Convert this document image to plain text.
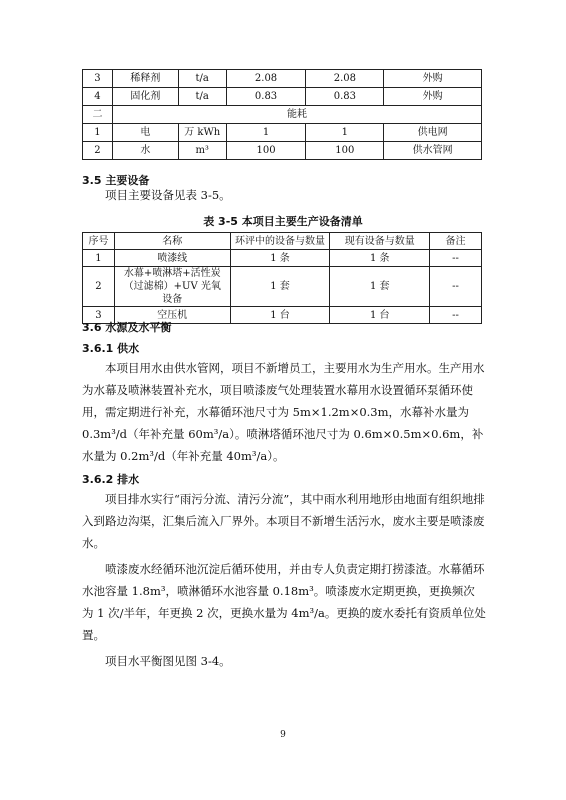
3	稀释剂	t/a	2.08	2.08	外购
4	固化剂	t/a	0.83	0.83	外购
二	能耗				
1	电	万 kWh	1	1	供电网
2	水	m³	100	100	供水管网
3.5 主要设备

项目主要设备见表 3-5。

表 3-5 本项目主要生产设备清单
序号	名称	环评中的设备与数量	现有设备与数量	备注
1	喷漆线	1 条	1 条	--
2	水幕+喷淋塔+活性炭（过滤棉）+UV 光氧设备	1 套	1 套	--
3	空压机	1 台	1 台	--
3.6 水源及水平衡
3.6.1 供水

本项目用水由供水管网，项目不新增员工，主要用水为生产用水。生产用水为水幕及喷淋装置补充水，项目喷漆废气处理装置水幕用水设置循环泵循环使用，需定期进行补充，水幕循环池尺寸为 5m×1.2m×0.3m，水幕补水量为 0.3m³/d（年补充量 60m³/a）。喷淋塔循环池尺寸为 0.6m×0.5m×0.6m，补水量为 0.2m³/d（年补充量 40m³/a）。

3.6.2 排水

项目排水实行“雨污分流、清污分流”，其中雨水利用地形由地面有组织地排入到路边沟渠，汇集后流入厂界外。本项目不新增生活污水，废水主要是喷漆废水。

喷漆废水经循环池沉淀后循环使用，并由专人负责定期打捞漆渣。水幕循环水池容量 1.8m³，喷淋循环水池容量 0.18m³。喷漆废水定期更换，更换频次为 1 次/半年，年更换 2 次，更换水量为 4m³/a。更换的废水委托有资质单位处置。

项目水平衡图见图 3-4。

9
